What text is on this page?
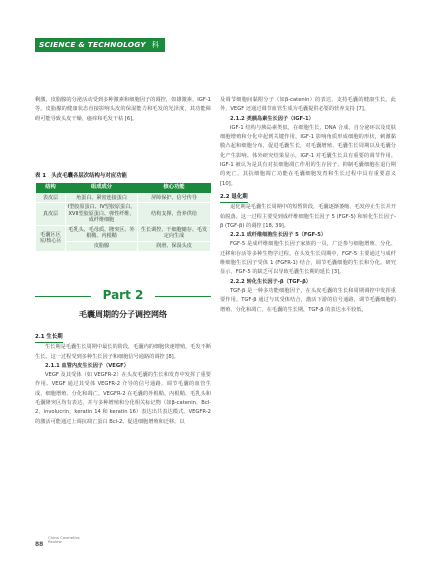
SCIENCE & TECHNOLOGY 科技

剩激，皮脂腺的分泌活动受到多种激素和细胞因子的调控，如雄激素、IGF-1等。皮脂腺的健康状态直接影响头皮的保湿能力和毛发的光泽度，其功能障碍可能导致头皮干燥、瘙痒和毛发干枯 [6]。

表 1　头皮毛囊各层次结构与对应功能
结构	组成成分	核心功能
表皮层	角蛋白、紧密连接蛋白	屏障保护、信号传导
真皮层	I型胶原蛋白、IV型胶原蛋白、XVII型胶原蛋白、弹性纤维、成纤维细胞	结构支撑、营养供给
毛囊区区室/核心区	毛乳头、毛母质、隆突区、外根鞘、内根鞘	生长调控、干细胞储存、毛发定向生成
	皮脂腺	润滑、保湿头皮
Part 2
毛囊周期的分子调控网络
2.1 生长期

生长期是毛囊生长周期中最长的阶段，毛囊内的细胞快速增殖，毛发不断生长。这一过程受到多种生长因子和细胞信号通路的调控 [8]。

2.1.1 血管内皮生长因子（VEGF）

VEGF 及其受体（如 VEGFR-2）在头皮毛囊的生长和发育中发挥了重要作用。VEGF 通过其受体 VEGFR-2 介导的信号通路，调节毛囊的血管生成、细胞增殖、分化和凋亡。VEGFR-2 在毛囊的外根鞘、内根鞘、毛乳头和毛囊隆突区均有表达，并与多种增殖和分化相关标记物（如β-catenin、Bcl-2、involucrin、keratin 14 和 keratin 16）表达出共表达模式。VEGFR-2 的激活可能通过上调抗凋亡蛋白 Bcl-2、促进细胞增殖和迁移，以

及调节细胞间黏附分子（如β-catenin）的表达，支持毛囊的健康生长。此外，VEGF 还通过调节血管生成为毛囊提供必要的营养支持 [7]。

2.1.2 类胰岛素生长因子（IGF-1）

IGF-1 结构与胰岛素类似，在细胞生长、DNA 合成、自分泌环以及皮肤细胞增殖和分化中起到关键作用。IGF-1 影响角质形成细胞的形状，刺激黏膜凸起和细胞分布，促进毛囊生长，对毛囊增殖、毛囊生长周期以及毛囊分化产生影响。体外研究结果显示，IGF-1 对毛囊生长具有重要的调节作用。IGF-1 被认为是具有对抗细胞凋亡作用的生存因子，抑制毛囊细胞在退行期的死亡，其抗细胞凋亡功能在毛囊细胞发育和生长过程中具有重要意义 [10]。

2.2 退化期

退化期是毛囊生长周期中的短暂阶段，毛囊逐渐萎缩，毛发停止生长并开始脱落。这一过程主要受到成纤维细胞生长因子 5 (FGF-5) 和转化生长因子-β (TGF-β) 的调控 [18, 39]。

2.2.1 成纤维细胞生长因子 5（FGF-5）

FGF-5 是成纤维细胞生长因子家族的一员，广泛参与细胞增殖、分化、迁移和存活等多种生物学过程。在头发生长周期中，FGF-5 主要通过与成纤维细胞生长因子受体 1 (FGFR-1) 结合，调节毛囊细胞的生长和分化。研究显示，FGF-5 的缺乏可以导致毛囊生长期的延长 [3]。

2.2.2 转化生长因子-β（TGF-β）

TGF-β 是一种多功能细胞因子，在头皮毛囊的生长和周期调控中发挥重要作用。TGF-β 通过与其受体结合，激活下游的信号通路，调节毛囊细胞的增殖、分化和凋亡。在毛囊的生长期，TGF-β 的表达水平较低，

88
China Cosmetics Review
